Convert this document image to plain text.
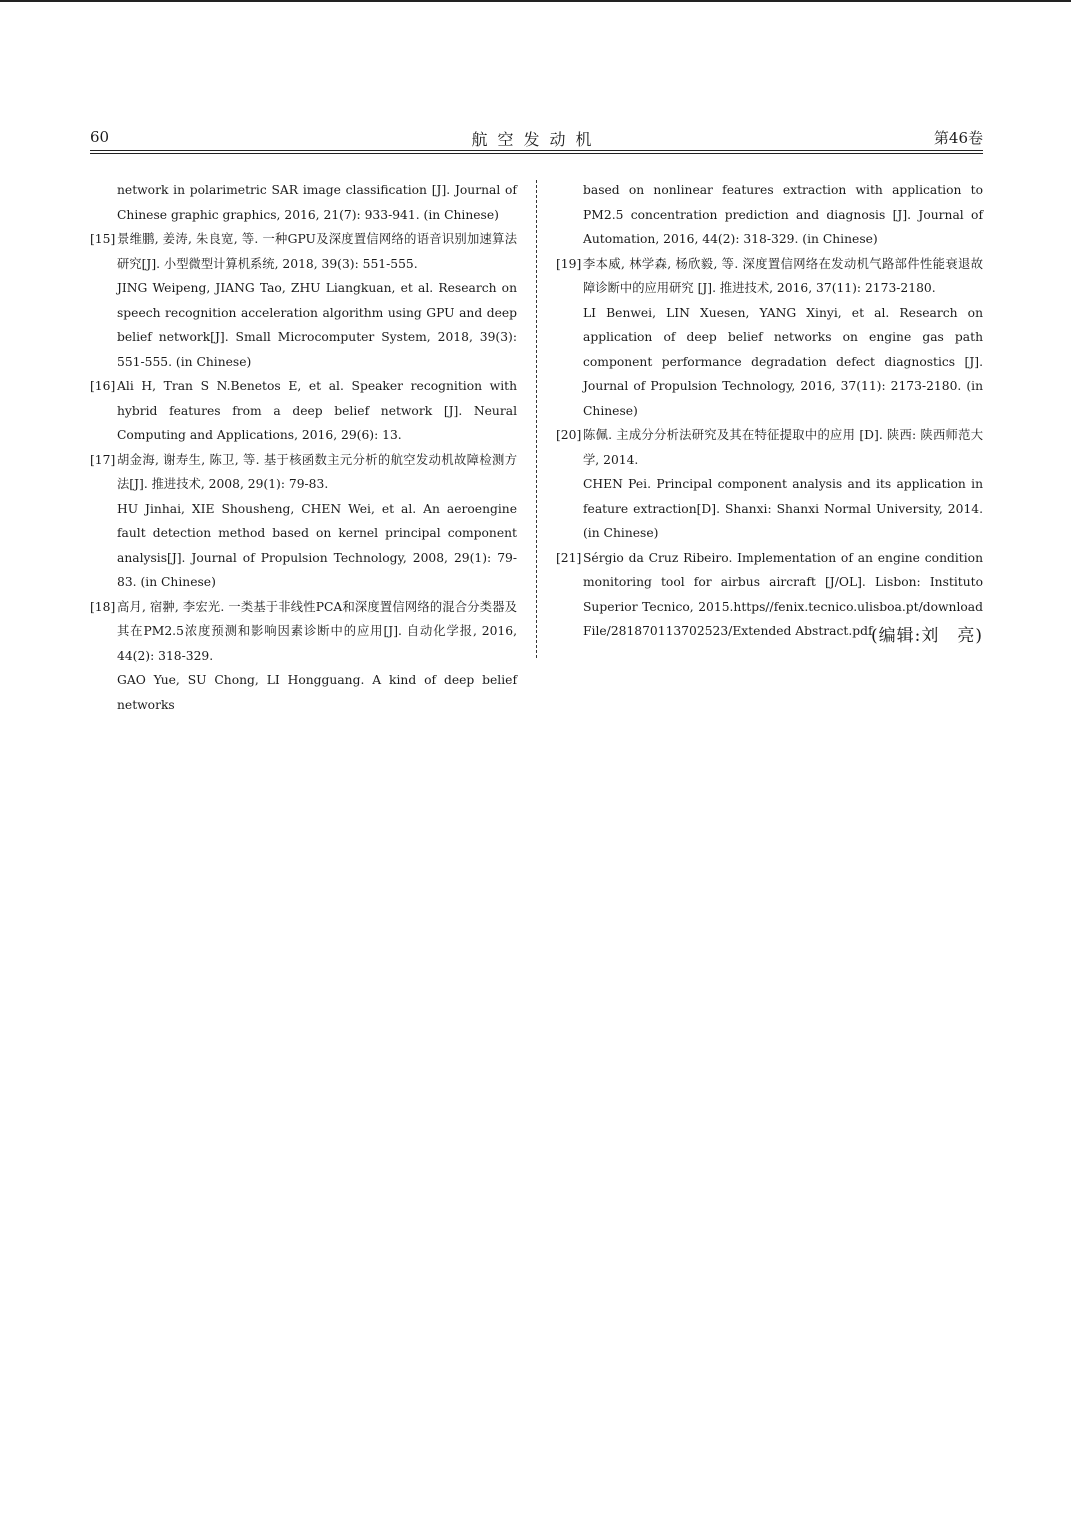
60	航空发动机	第46卷

network in polarimetric SAR image classification [J]. Journal of Chinese graphic graphics, 2016, 21(7): 933-941. (in Chinese)

[15] 景维鹏, 姜涛, 朱良宽, 等. 一种GPU及深度置信网络的语音识别加速算法研究[J]. 小型微型计算机系统, 2018, 39(3): 551-555.

JING Weipeng, JIANG Tao, ZHU Liangkuan, et al. Research on speech recognition acceleration algorithm using GPU and deep belief network[J]. Small Microcomputer System, 2018, 39(3): 551-555. (in Chinese)

[16] Ali H, Tran S N.Benetos E, et al. Speaker recognition with hybrid features from a deep belief network [J]. Neural Computing and Applications, 2016, 29(6): 13.

[17] 胡金海, 谢寿生, 陈卫, 等. 基于核函数主元分析的航空发动机故障检测方法[J]. 推进技术, 2008, 29(1): 79-83.

HU Jinhai, XIE Shousheng, CHEN Wei, et al. An aeroengine fault detection method based on kernel principal component analysis[J]. Journal of Propulsion Technology, 2008, 29(1): 79-83. (in Chinese)

[18] 高月, 宿翀, 李宏光. 一类基于非线性PCA和深度置信网络的混合分类器及其在PM2.5浓度预测和影响因素诊断中的应用[J]. 自动化学报, 2016, 44(2): 318-329.

GAO Yue, SU Chong, LI Hongguang. A kind of deep belief networks

based on nonlinear features extraction with application to PM2.5 concentration prediction and diagnosis [J]. Journal of Automation, 2016, 44(2): 318-329. (in Chinese)

[19] 李本威, 林学森, 杨欣毅, 等. 深度置信网络在发动机气路部件性能衰退故障诊断中的应用研究 [J]. 推进技术, 2016, 37(11): 2173-2180.

LI Benwei, LIN Xuesen, YANG Xinyi, et al. Research on application of deep belief networks on engine gas path component performance degradation defect diagnostics [J]. Journal of Propulsion Technology, 2016, 37(11): 2173-2180. (in Chinese)

[20] 陈佩. 主成分分析法研究及其在特征提取中的应用 [D]. 陕西: 陕西师范大学, 2014.

CHEN Pei. Principal component analysis and its application in feature extraction[D]. Shanxi: Shanxi Normal University, 2014. (in Chinese)

[21] Sérgio da Cruz Ribeiro. Implementation of an engine condition monitoring tool for airbus aircraft [J/OL]. Lisbon: Instituto Superior Tecnico, 2015.https//fenix.tecnico.ulisboa.pt/download File/281870113702523/Extended Abstract.pdf

(编辑:刘　亮)
